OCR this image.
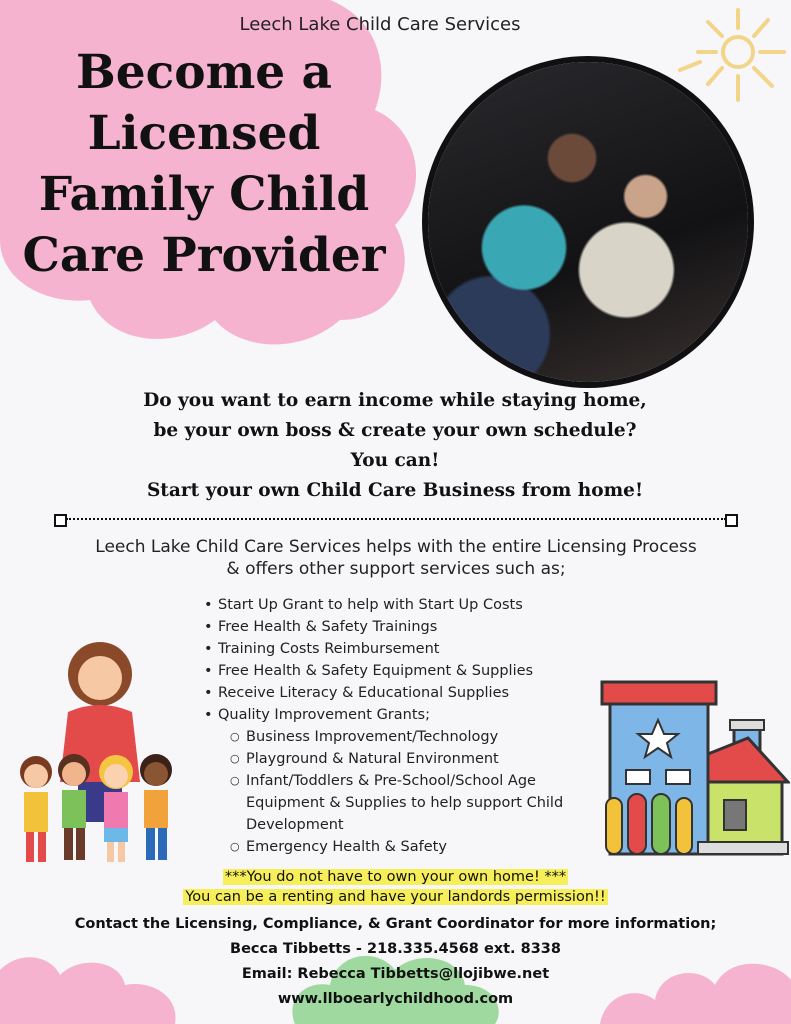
Leech Lake Child Care Services
Become a
Licensed
Family Child
Care Provider
Do you want to earn income while staying home,
be your own boss & create your own schedule?
You can!
Start your own Child Care Business from home!
Leech Lake Child Care Services helps with the entire Licensing Process
& offers other support services such as;
• Start Up Grant to help with Start Up Costs
• Free Health & Safety Trainings
• Training Costs Reimbursement
• Free Health & Safety Equipment & Supplies
• Receive Literacy & Educational Supplies
• Quality Improvement Grants;
○ Business Improvement/Technology
○ Playground & Natural Environment
○ Infant/Toddlers & Pre-School/School Age Equipment & Supplies to help support Child Development
○ Emergency Health & Safety
***You do not have to own your own home! ***
You can be a renting and have your landords permission!!
Contact the Licensing, Compliance, & Grant Coordinator for more information;
Becca Tibbetts - 218.335.4568 ext. 8338
Email: Rebecca Tibbetts@llojibwe.net
www.llboearlychildhood.com
